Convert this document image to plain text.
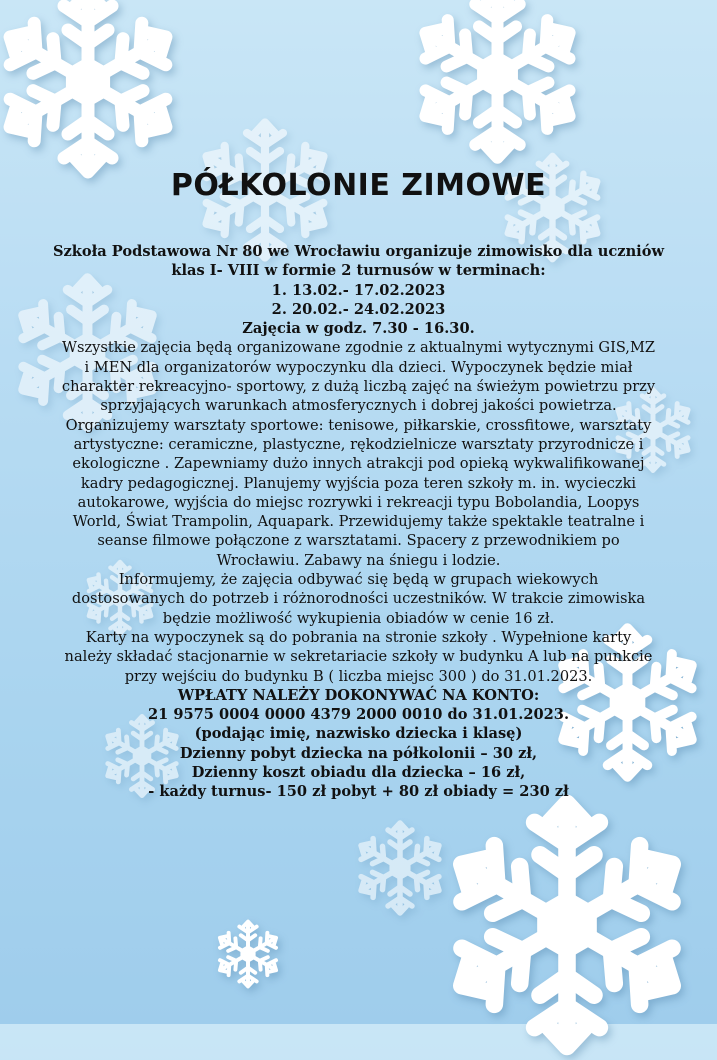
PÓŁKOLONIE ZIMOWE
Szkoła Podstawowa Nr 80 we Wrocławiu organizuje zimowisko dla uczniów
klas I- VIII w formie 2 turnusów w terminach:
1. 13.02.- 17.02.2023
2. 20.02.- 24.02.2023
Zajęcia w godz. 7.30 - 16.30.
Wszystkie zajęcia będą organizowane zgodnie z aktualnymi wytycznymi GIS,MZ
i MEN dla organizatorów wypoczynku dla dzieci. Wypoczynek będzie miał
charakter rekreacyjno- sportowy, z dużą liczbą zajęć na świeżym powietrzu przy
sprzyjających warunkach atmosferycznych i dobrej jakości powietrza.
Organizujemy warsztaty sportowe: tenisowe, piłkarskie, crossfitowe, warsztaty
artystyczne: ceramiczne, plastyczne, rękodzielnicze warsztaty przyrodnicze i
ekologiczne . Zapewniamy dużo innych atrakcji pod opieką wykwalifikowanej
kadry pedagogicznej. Planujemy wyjścia poza teren szkoły m. in. wycieczki
autokarowe, wyjścia do miejsc rozrywki i rekreacji typu Bobolandia, Loopys
World, Świat Trampolin, Aquapark. Przewidujemy także spektakle teatralne i
seanse filmowe połączone z warsztatami. Spacery z przewodnikiem po
Wrocławiu. Zabawy na śniegu i lodzie.
Informujemy, że zajęcia odbywać się będą w grupach wiekowych
dostosowanych do potrzeb i różnorodności uczestników. W trakcie zimowiska
będzie możliwość wykupienia obiadów w cenie 16 zł.
Karty na wypoczynek są do pobrania na stronie szkoły . Wypełnione karty
należy składać stacjonarnie w sekretariacie szkoły w budynku A lub na punkcie
przy wejściu do budynku B ( liczba miejsc 300 ) do 31.01.2023.
WPŁATY NALEŻY DOKONYWAĆ NA KONTO:
21 9575 0004 0000 4379 2000 0010 do 31.01.2023.
(podając imię, nazwisko dziecka i klasę)
Dzienny pobyt dziecka na półkolonii – 30 zł,
Dzienny koszt obiadu dla dziecka – 16 zł,
- każdy turnus- 150 zł pobyt + 80 zł obiady = 230 zł
